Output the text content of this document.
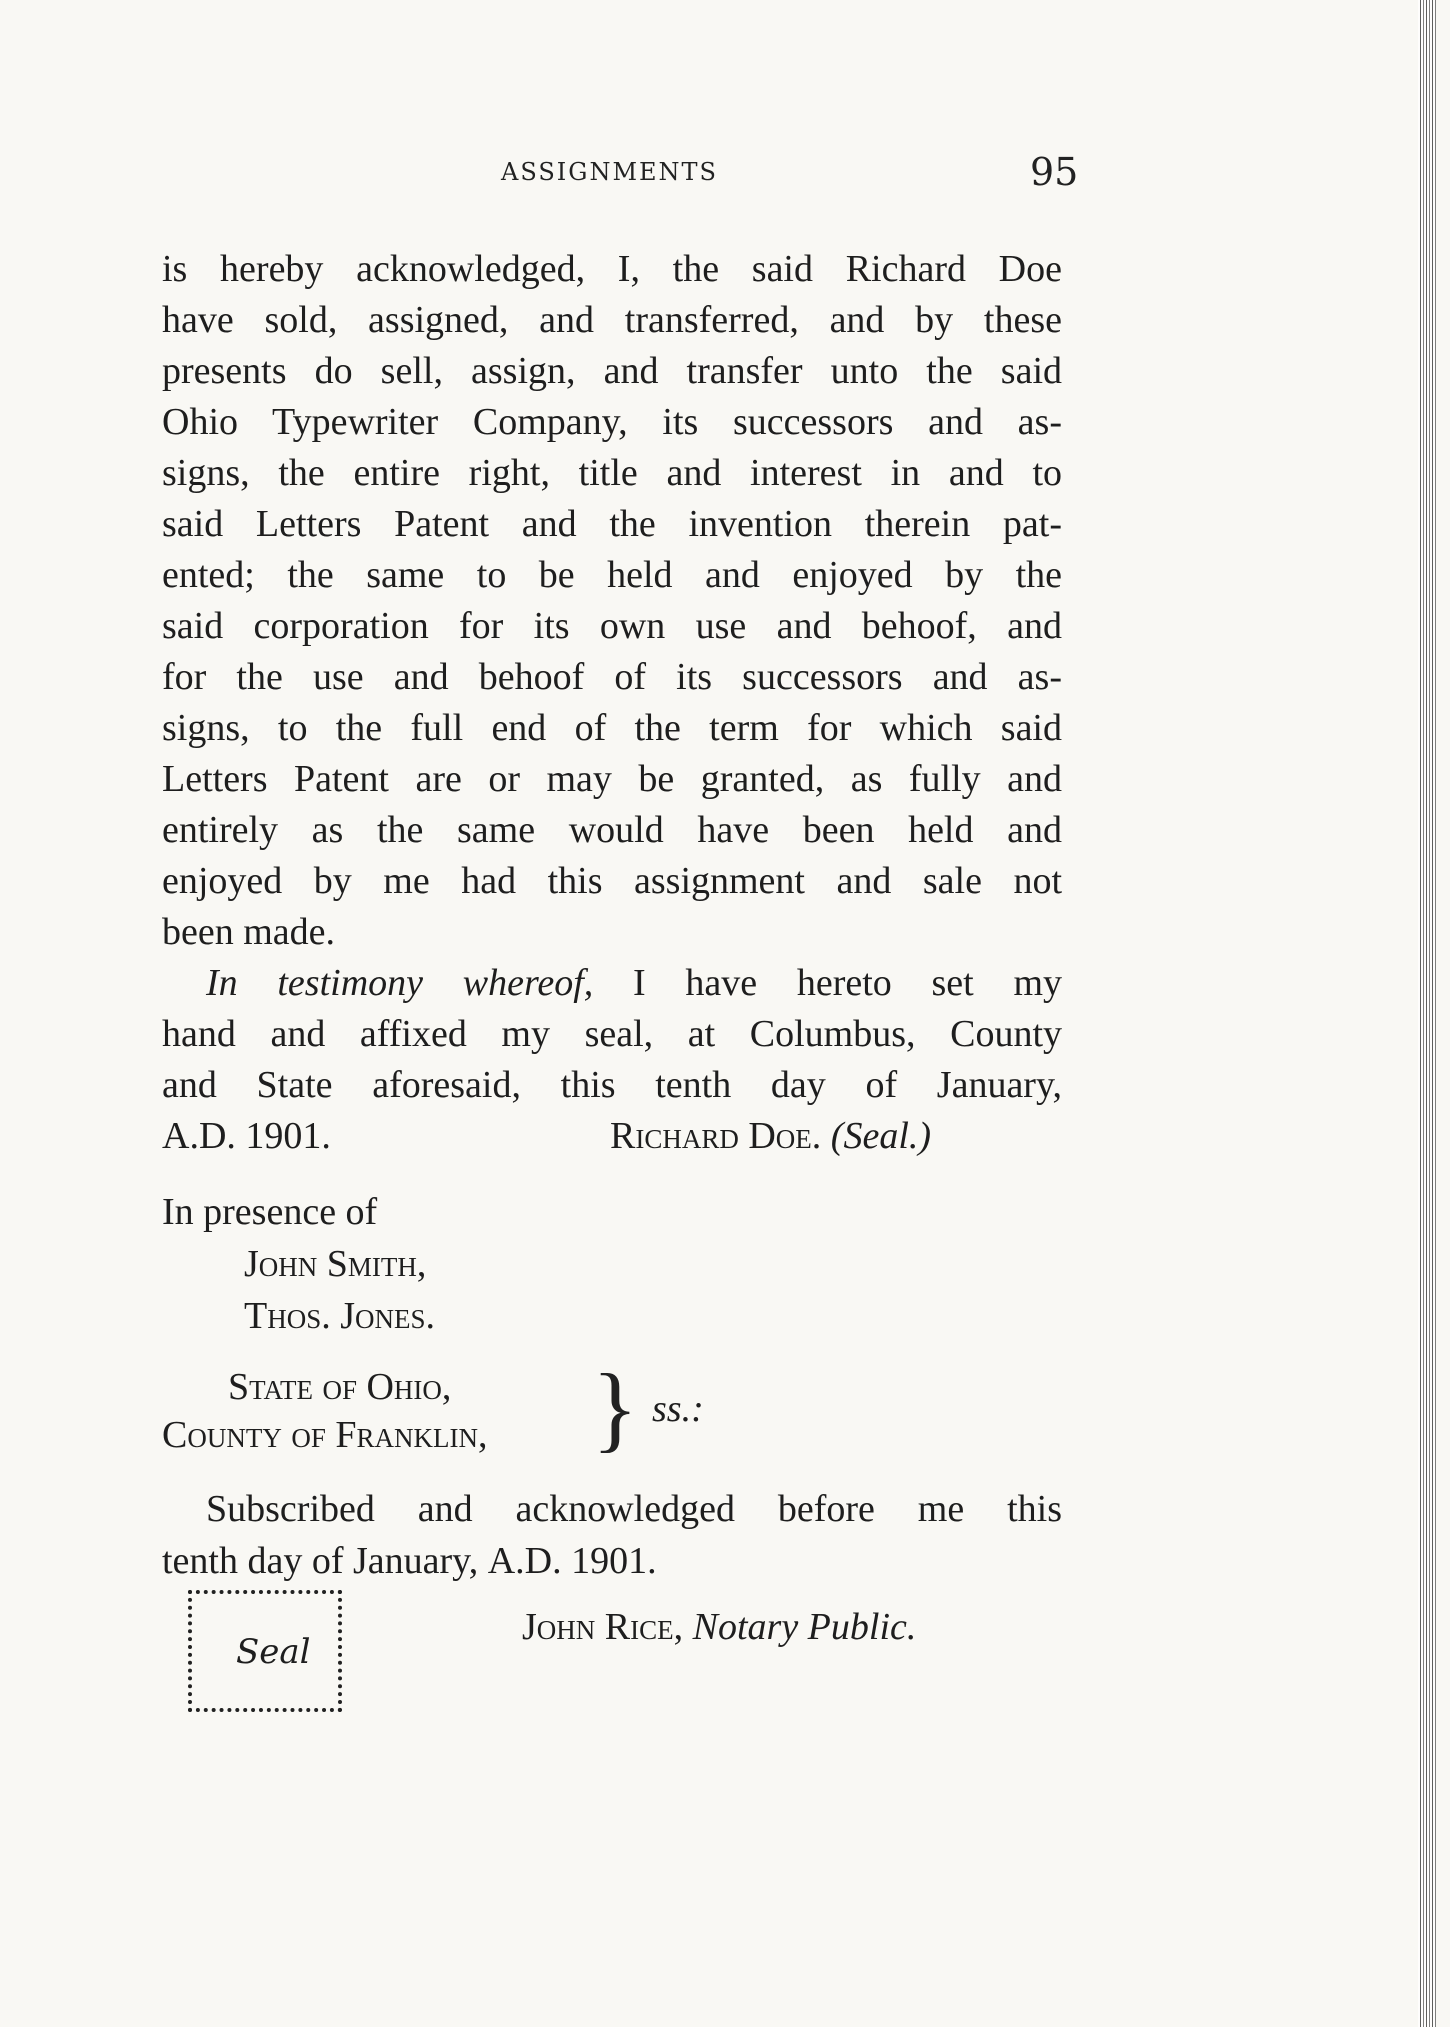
ASSIGNMENTS	95
is hereby acknowledged, I, the said Richard Doe
have sold, assigned, and transferred, and by these
presents do sell, assign, and transfer unto the said
Ohio Typewriter Company, its successors and as-
signs, the entire right, title and interest in and to
said Letters Patent and the invention therein pat-
ented; the same to be held and enjoyed by the
said corporation for its own use and behoof, and
for the use and behoof of its successors and as-
signs, to the full end of the term for which said
Letters Patent are or may be granted, as fully and
entirely as the same would have been held and
enjoyed by me had this assignment and sale not
been made.
In testimony whereof, I have hereto set my
hand and affixed my seal, at Columbus, County
and State aforesaid, this tenth day of January,
A.D. 1901.	Richard Doe. (Seal.)
In presence of
John Smith,
Thos. Jones.
State of Ohio,
County of Franklin, } ss.:
Subscribed and acknowledged before me this
tenth day of January, A.D. 1901.
John Rice, Notary Public.
Seal
